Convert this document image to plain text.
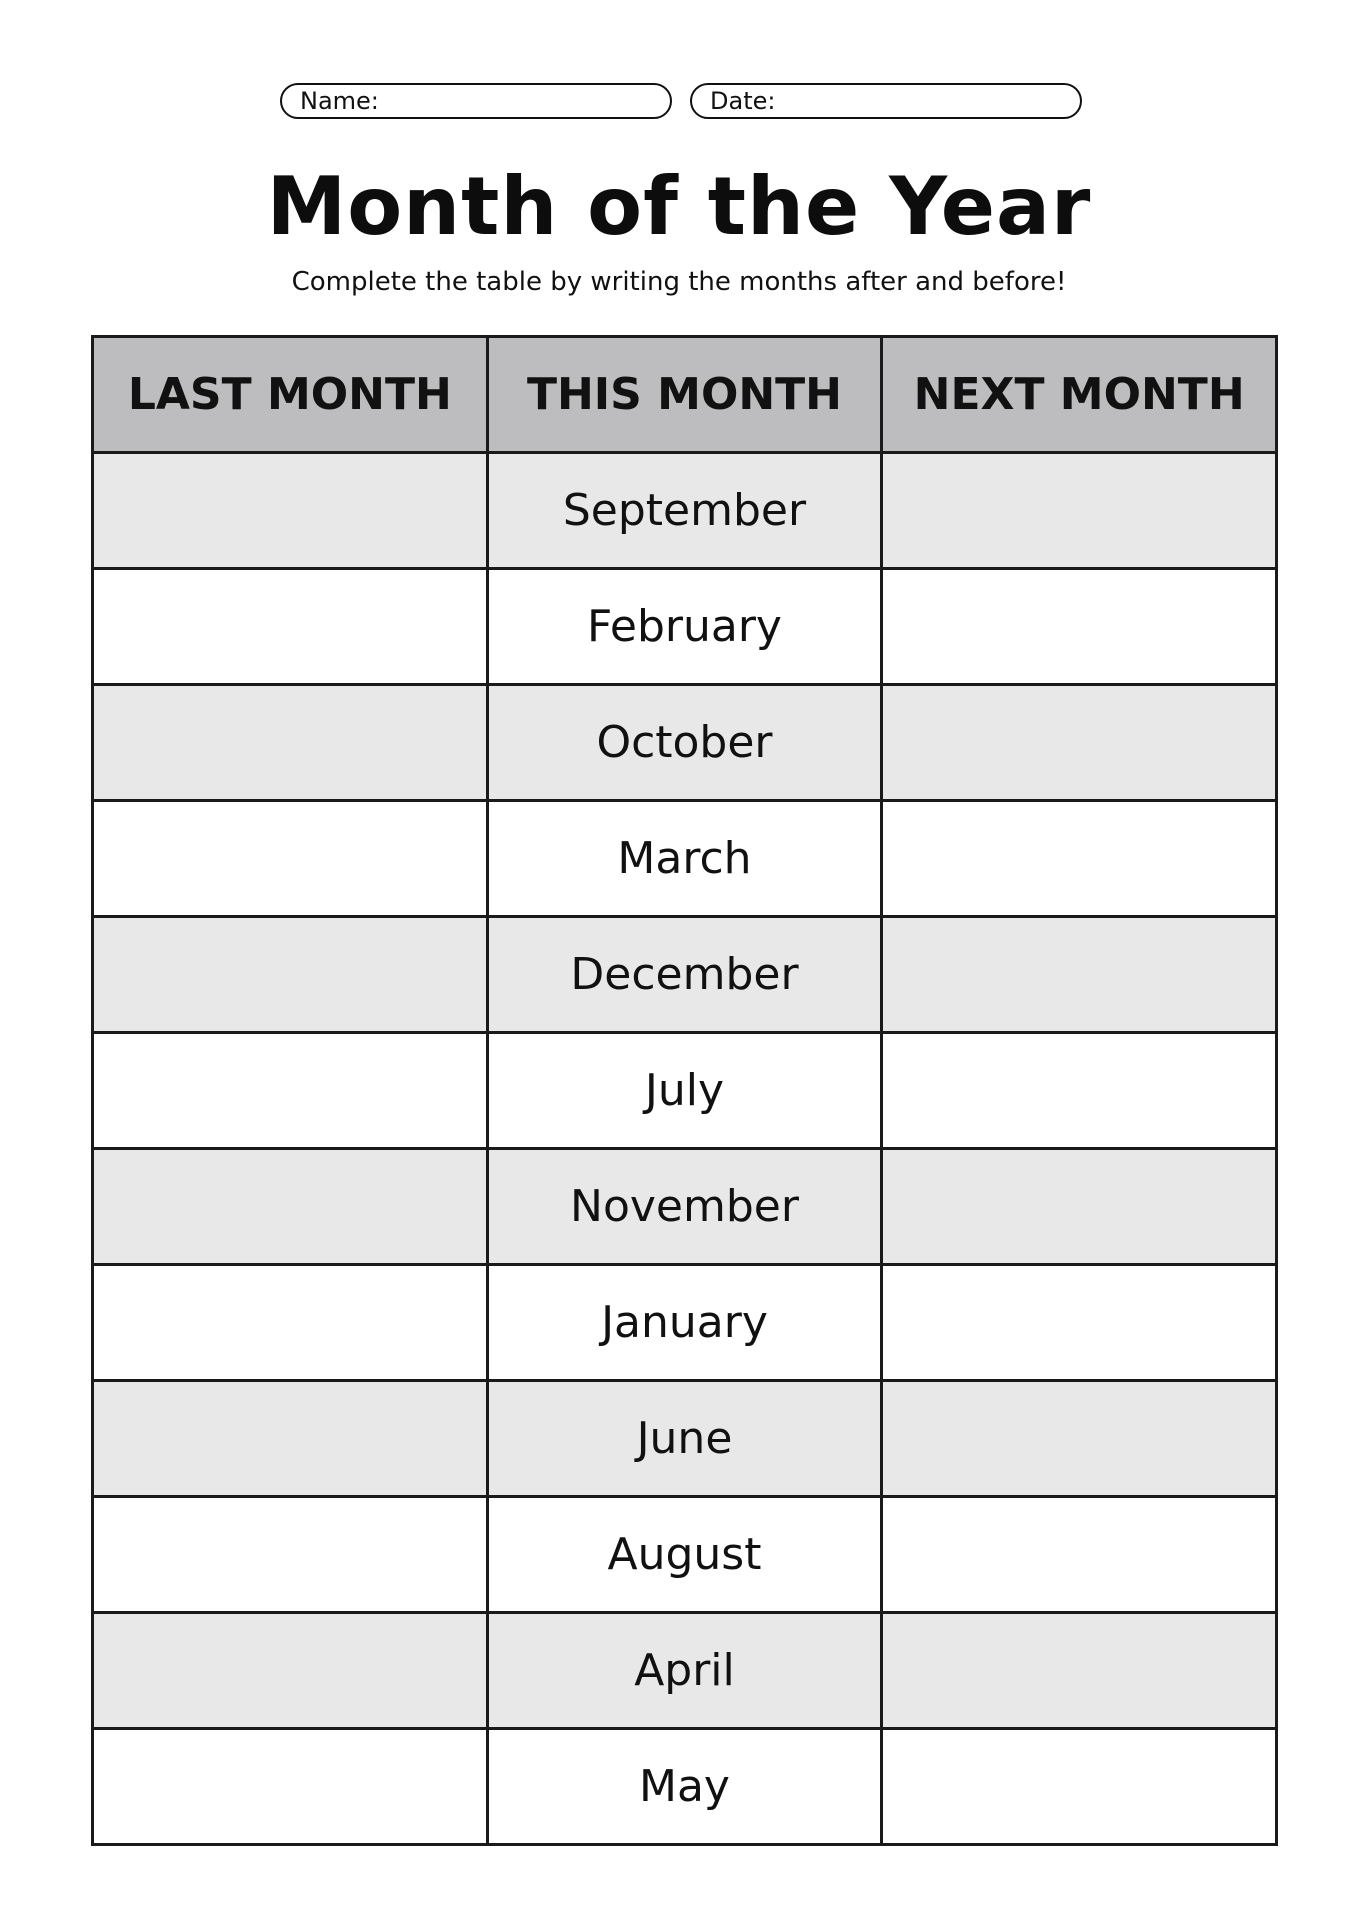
Name:	Date:
Month of the Year
Complete the table by writing the months after and before!
LAST MONTH	THIS MONTH	NEXT MONTH
	September	
	February	
	October	
	March	
	December	
	July	
	November	
	January	
	June	
	August	
	April	
	May	
